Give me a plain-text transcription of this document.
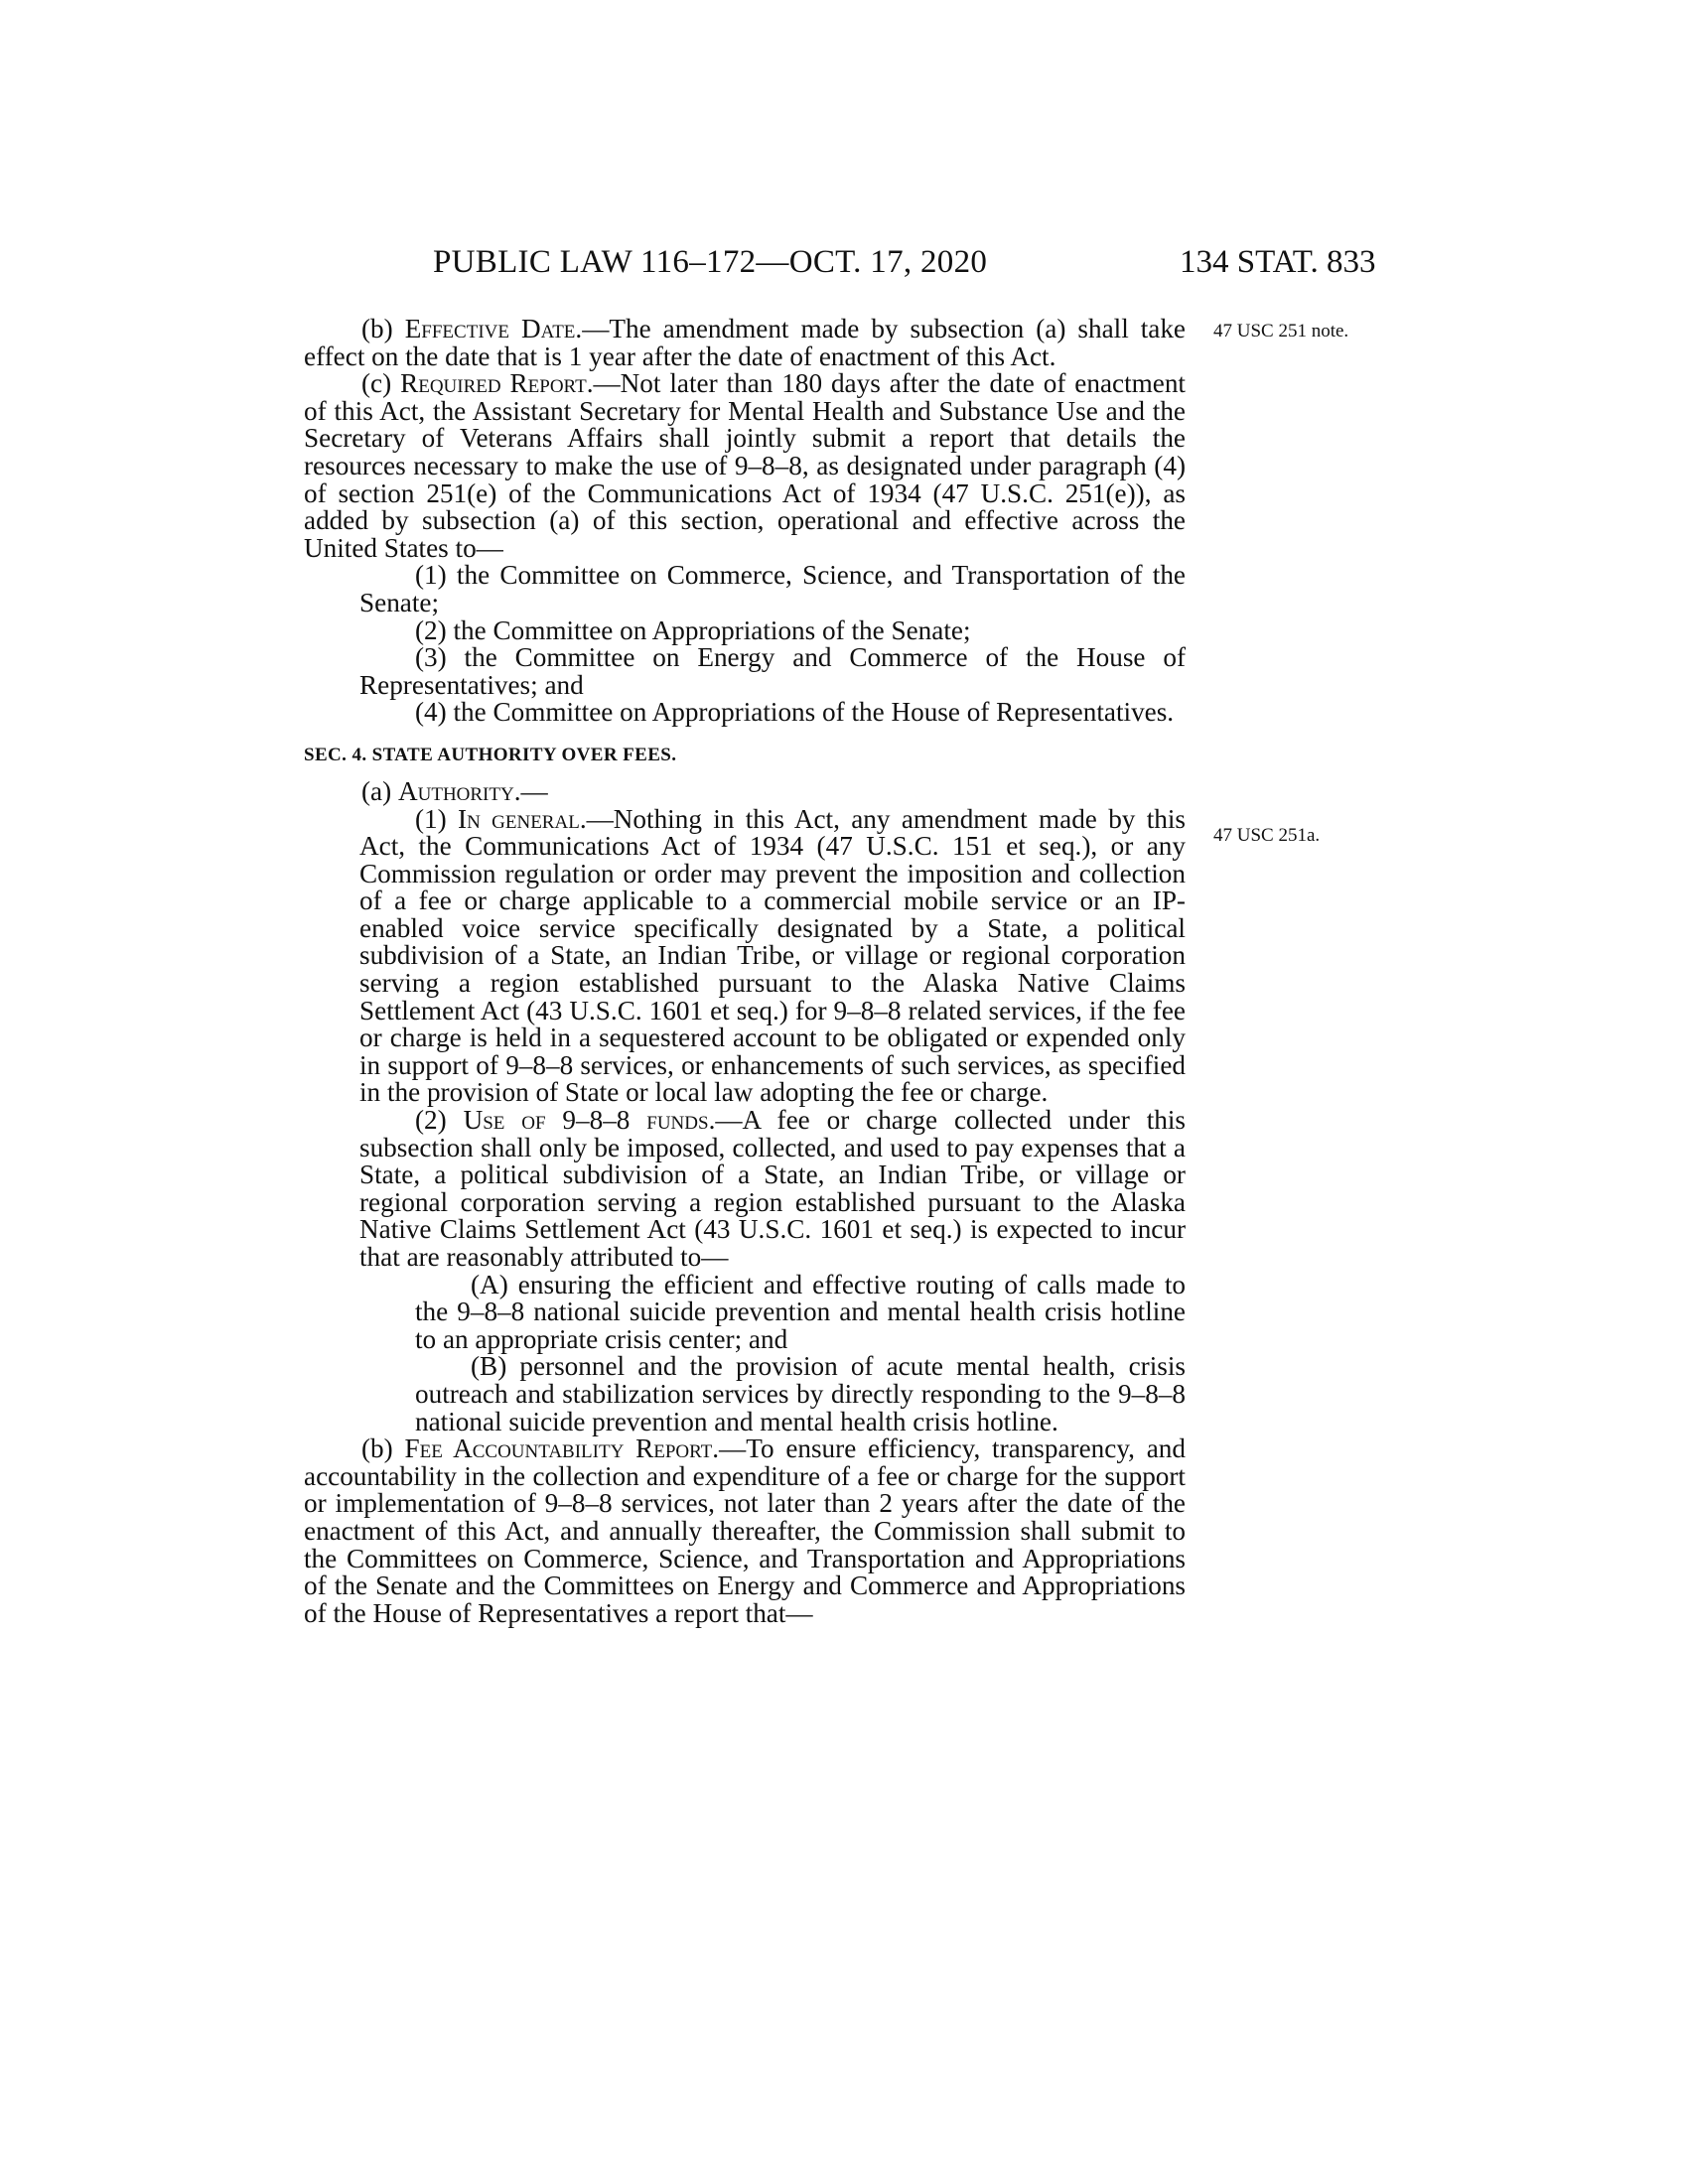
PUBLIC LAW 116–172—OCT. 17, 2020	134 STAT. 833
47 USC 251 note.
47 USC 251a.

(b) Effective Date.—The amendment made by subsection (a) shall take effect on the date that is 1 year after the date of enactment of this Act.

(c) Required Report.—Not later than 180 days after the date of enactment of this Act, the Assistant Secretary for Mental Health and Substance Use and the Secretary of Veterans Affairs shall jointly submit a report that details the resources necessary to make the use of 9–8–8, as designated under paragraph (4) of section 251(e) of the Communications Act of 1934 (47 U.S.C. 251(e)), as added by subsection (a) of this section, operational and effective across the United States to—

(1) the Committee on Commerce, Science, and Transportation of the Senate;

(2) the Committee on Appropriations of the Senate;

(3) the Committee on Energy and Commerce of the House of Representatives; and

(4) the Committee on Appropriations of the House of Representatives.

SEC. 4. STATE AUTHORITY OVER FEES.

(a) Authority.—

(1) In general.—Nothing in this Act, any amendment made by this Act, the Communications Act of 1934 (47 U.S.C. 151 et seq.), or any Commission regulation or order may prevent the imposition and collection of a fee or charge applicable to a commercial mobile service or an IP-enabled voice service specifically designated by a State, a political subdivision of a State, an Indian Tribe, or village or regional corporation serving a region established pursuant to the Alaska Native Claims Settlement Act (43 U.S.C. 1601 et seq.) for 9–8–8 related services, if the fee or charge is held in a sequestered account to be obligated or expended only in support of 9–8–8 services, or enhancements of such services, as specified in the provision of State or local law adopting the fee or charge.

(2) Use of 9–8–8 funds.—A fee or charge collected under this subsection shall only be imposed, collected, and used to pay expenses that a State, a political subdivision of a State, an Indian Tribe, or village or regional corporation serving a region established pursuant to the Alaska Native Claims Settlement Act (43 U.S.C. 1601 et seq.) is expected to incur that are reasonably attributed to—

(A) ensuring the efficient and effective routing of calls made to the 9–8–8 national suicide prevention and mental health crisis hotline to an appropriate crisis center; and

(B) personnel and the provision of acute mental health, crisis outreach and stabilization services by directly responding to the 9–8–8 national suicide prevention and mental health crisis hotline.

(b) Fee Accountability Report.—To ensure efficiency, transparency, and accountability in the collection and expenditure of a fee or charge for the support or implementation of 9–8–8 services, not later than 2 years after the date of the enactment of this Act, and annually thereafter, the Commission shall submit to the Committees on Commerce, Science, and Transportation and Appropriations of the Senate and the Committees on Energy and Commerce and Appropriations of the House of Representatives a report that—
